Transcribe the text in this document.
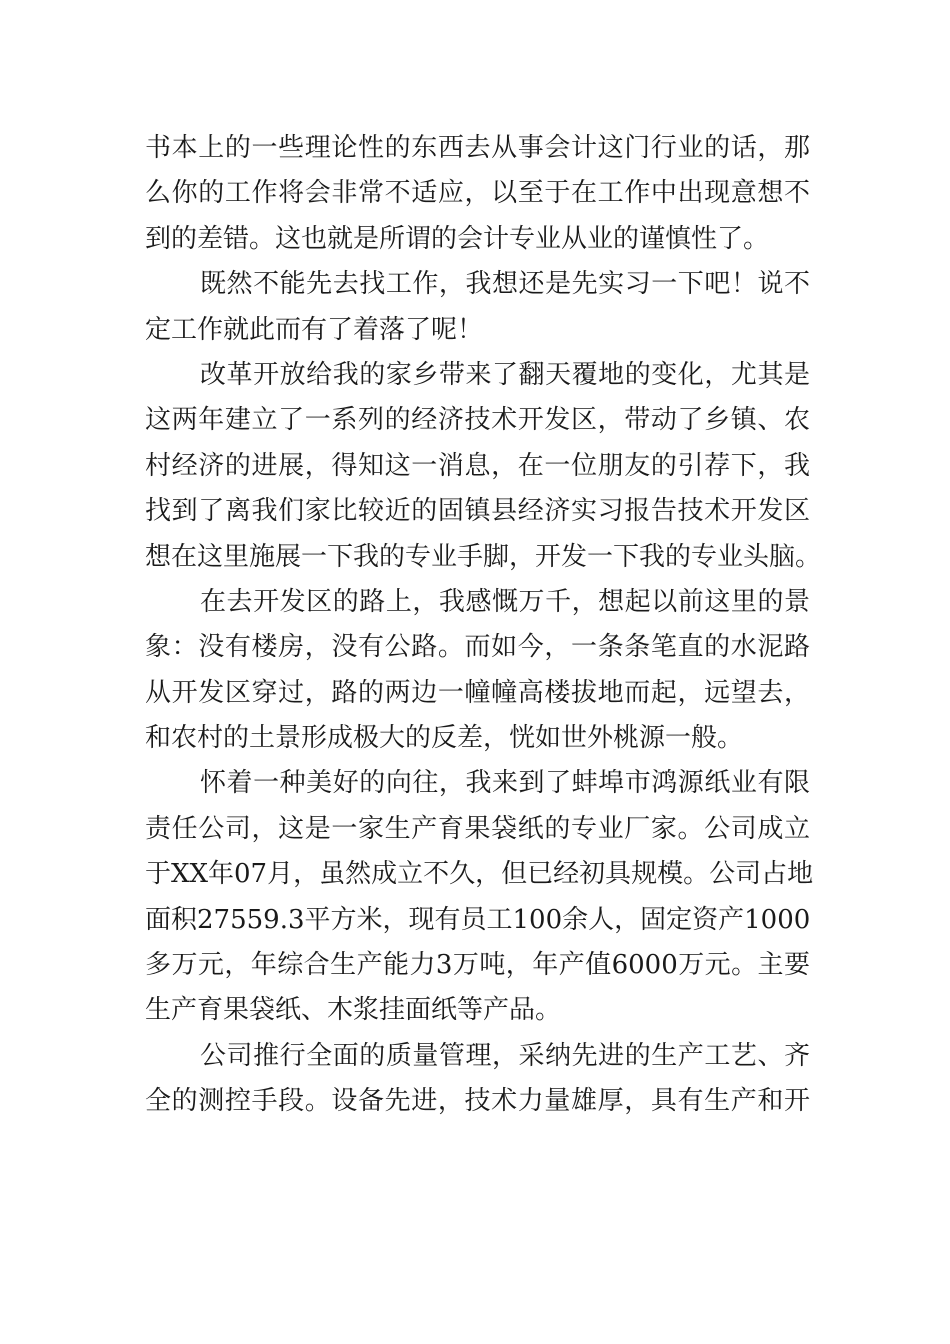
书本上的一些理论性的东西去从事会计这门行业的话，那
么你的工作将会非常不适应，以至于在工作中出现意想不
到的差错。这也就是所谓的会计专业从业的谨慎性了。
既然不能先去找工作，我想还是先实习一下吧！说不
定工作就此而有了着落了呢！
改革开放给我的家乡带来了翻天覆地的变化，尤其是
这两年建立了一系列的经济技术开发区，带动了乡镇、农
村经济的进展，得知这一消息，在一位朋友的引荐下，我
找到了离我们家比较近的固镇县经济实习报告技术开发区
想在这里施展一下我的专业手脚，开发一下我的专业头脑。
在去开发区的路上，我感慨万千，想起以前这里的景
象：没有楼房，没有公路。而如今，一条条笔直的水泥路
从开发区穿过，路的两边一幢幢高楼拔地而起，远望去，
和农村的土景形成极大的反差，恍如世外桃源一般。
怀着一种美好的向往，我来到了蚌埠市鸿源纸业有限
责任公司，这是一家生产育果袋纸的专业厂家。公司成立
于XX年07月，虽然成立不久，但已经初具规模。公司占地
面积27559.3平方米，现有员工100余人，固定资产1000
多万元，年综合生产能力3万吨，年产值6000万元。主要
生产育果袋纸、木浆挂面纸等产品。
公司推行全面的质量管理，采纳先进的生产工艺、齐
全的测控手段。设备先进，技术力量雄厚，具有生产和开
